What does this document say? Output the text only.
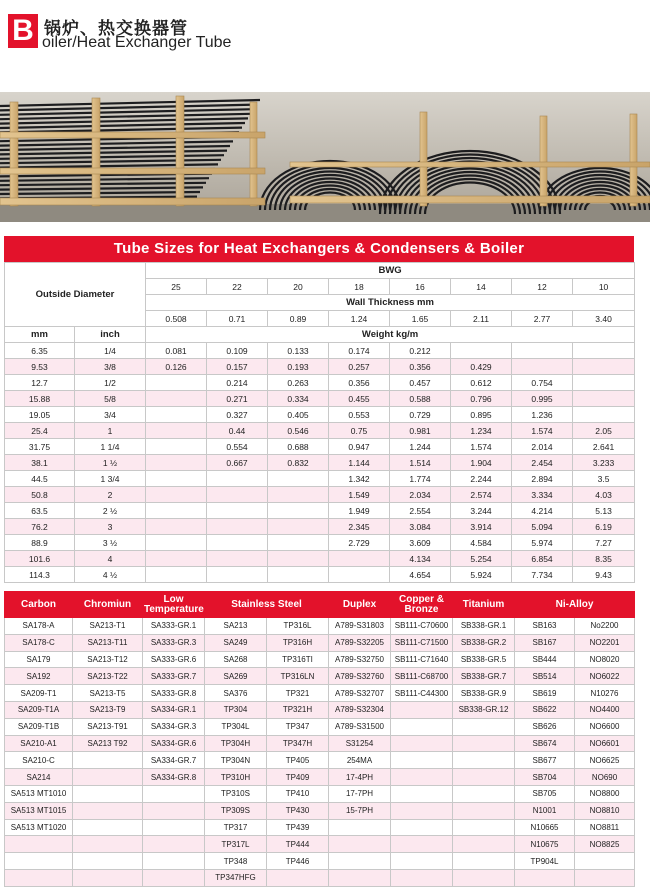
B 锅炉、热交换器管
oiler/Heat Exchanger Tube
Tube Sizes for Heat Exchangers & Condensers & Boiler
Outside Diameter		BWG							
		25	22	20	18	16	14	12	10
		Wall Thickness mm							
		0.508	0.71	0.89	1.24	1.65	2.11	2.77	3.40
mm	inch	Weight kg/m							
6.35	1/4	0.081	0.109	0.133	0.174	0.212			
9.53	3/8	0.126	0.157	0.193	0.257	0.356	0.429		
12.7	1/2		0.214	0.263	0.356	0.457	0.612	0.754	
15.88	5/8		0.271	0.334	0.455	0.588	0.796	0.995	
19.05	3/4		0.327	0.405	0.553	0.729	0.895	1.236	
25.4	1		0.44	0.546	0.75	0.981	1.234	1.574	2.05
31.75	1 1/4		0.554	0.688	0.947	1.244	1.574	2.014	2.641
38.1	1 ½		0.667	0.832	1.144	1.514	1.904	2.454	3.233
44.5	1 3/4				1.342	1.774	2.244	2.894	3.5
50.8	2				1.549	2.034	2.574	3.334	4.03
63.5	2 ½				1.949	2.554	3.244	4.214	5.13
76.2	3				2.345	3.084	3.914	5.094	6.19
88.9	3 ½				2.729	3.609	4.584	5.974	7.27
101.6	4					4.134	5.254	6.854	8.35
114.3	4 ½					4.654	5.924	7.734	9.43
Carbon	Chromiun	Low Temperature	Stainless Steel		Duplex	Copper & Bronze	Titanium	Ni-Alloy	
SA178-A	SA213-T1	SA333-GR.1	SA213	TP316L	A789-S31803	SB111-C70600	SB338-GR.1	SB163	No2200
SA178-C	SA213-T11	SA333-GR.3	SA249	TP316H	A789-S32205	SB111-C71500	SB338-GR.2	SB167	NO2201
SA179	SA213-T12	SA333-GR.6	SA268	TP316TI	A789-S32750	SB111-C71640	SB338-GR.5	SB444	NO8020
SA192	SA213-T22	SA333-GR.7	SA269	TP316LN	A789-S32760	SB111-C68700	SB338-GR.7	SB514	NO6022
SA209-T1	SA213-T5	SA333-GR.8	SA376	TP321	A789-S32707	SB111-C44300	SB338-GR.9	SB619	N10276
SA209-T1A	SA213-T9	SA334-GR.1	TP304	TP321H	A789-S32304		SB338-GR.12	SB622	NO4400
SA209-T1B	SA213-T91	SA334-GR.3	TP304L	TP347	A789-S31500			SB626	NO6600
SA210-A1	SA213 T92	SA334-GR.6	TP304H	TP347H	S31254			SB674	NO6601
SA210-C		SA334-GR.7	TP304N	TP405	254MA			SB677	NO6625
SA214		SA334-GR.8	TP310H	TP409	17-4PH			SB704	NO690
SA513 MT1010			TP310S	TP410	17-7PH			SB705	NO8800
SA513 MT1015			TP309S	TP430	15-7PH			N1001	NO8810
SA513 MT1020			TP317	TP439				N10665	NO8811
			TP317L	TP444				N10675	NO8825
			TP348	TP446				TP904L	
			TP347HFG						
